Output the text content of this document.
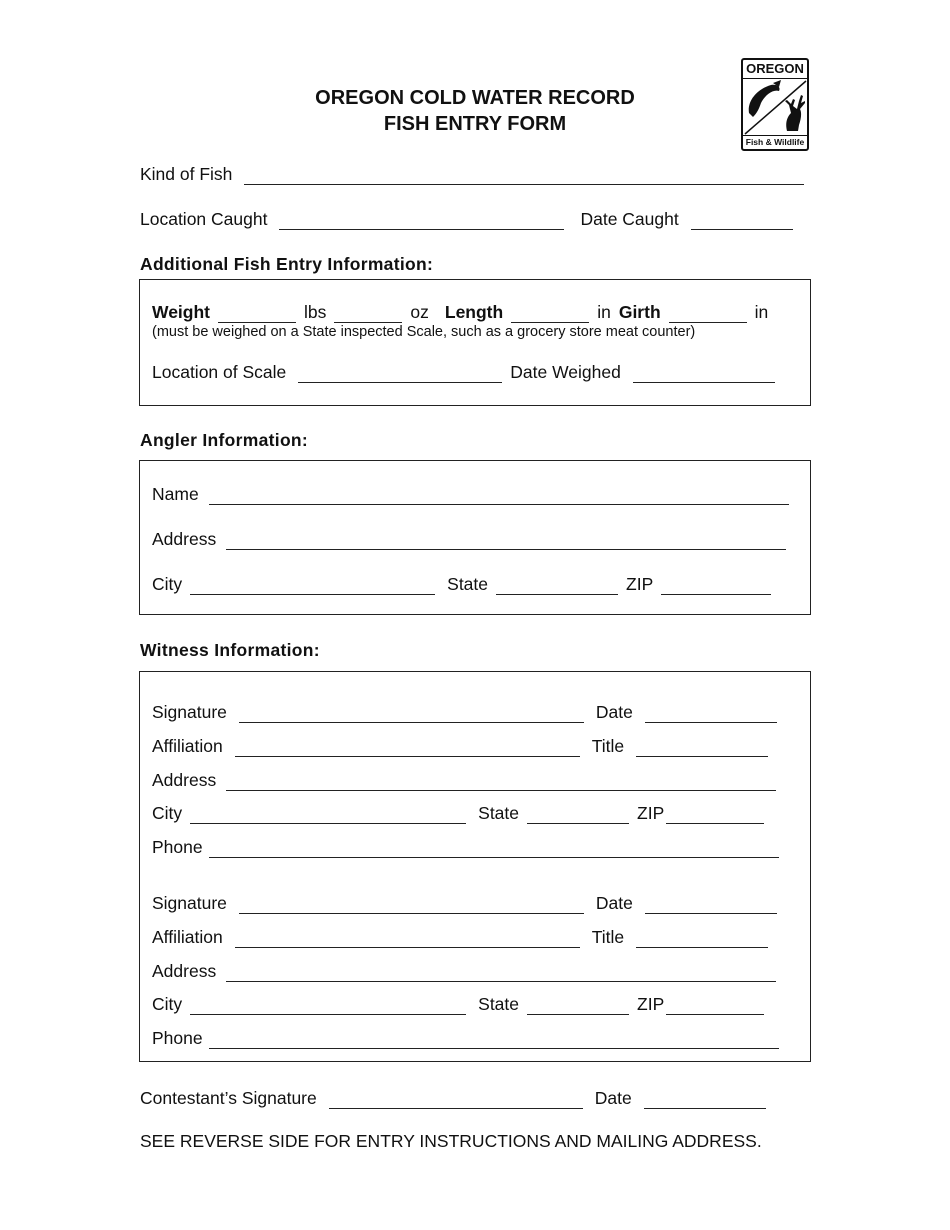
OREGON COLD WATER RECORD
FISH ENTRY FORM
OREGON
Fish & Wildlife
Kind of Fish
Location Caught	Date Caught
Additional Fish Entry Information:
Weight	lbs	oz Length	in Girth	in
(must be weighed on a State inspected Scale, such as a grocery store meat counter)
Location of Scale	Date Weighed
Angler Information:
Name
Address
City	State	ZIP
Witness Information:
Signature	Date
Affiliation	Title
Address
City	State	ZIP
Phone
Signature	Date
Affiliation	Title
Address
City	State	ZIP
Phone
Contestant’s Signature	Date
SEE REVERSE SIDE FOR ENTRY INSTRUCTIONS AND MAILING ADDRESS.
